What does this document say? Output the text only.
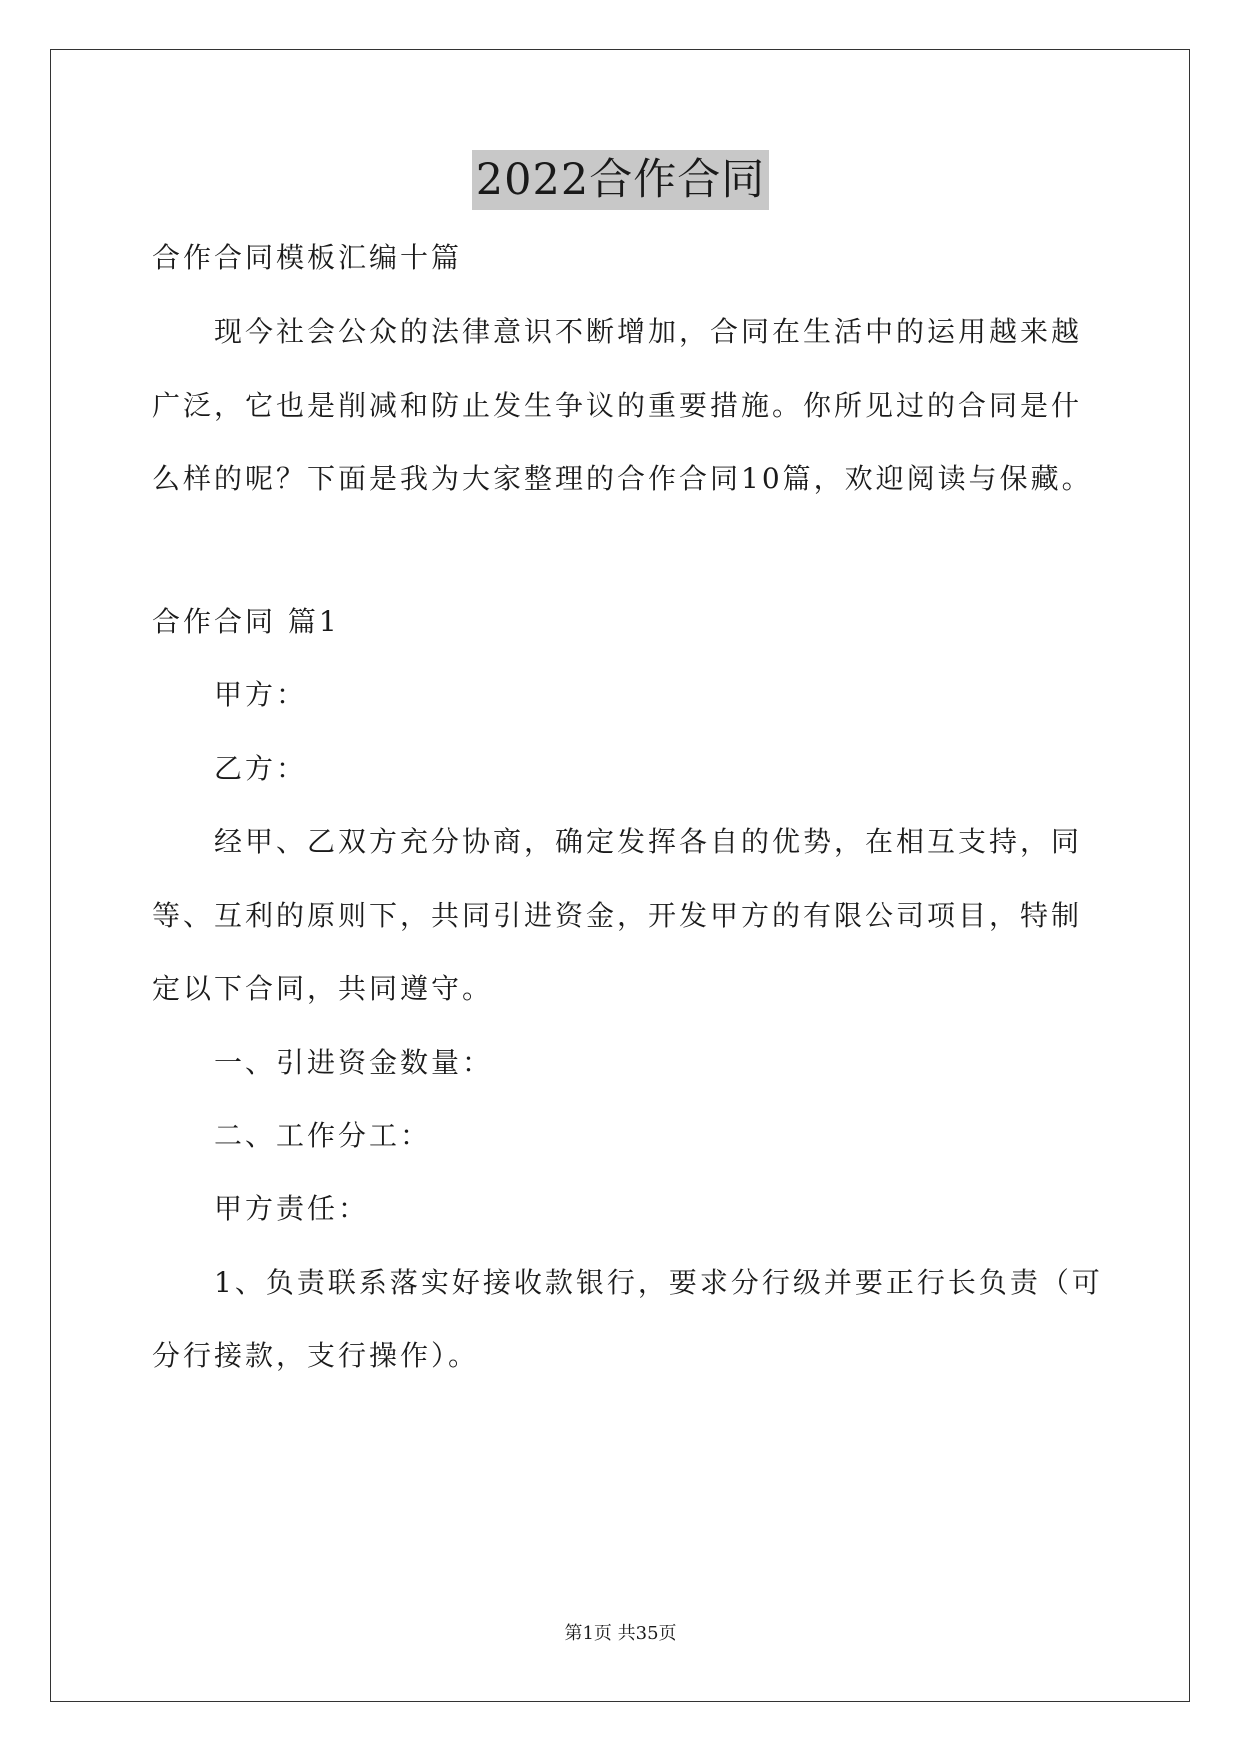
2022合作合同
合作合同模板汇编十篇
现今社会公众的法律意识不断增加，合同在生活中的运用越来越
广泛，它也是削减和防止发生争议的重要措施。你所见过的合同是什
么样的呢？下面是我为大家整理的合作合同10篇，欢迎阅读与保藏。
合作合同 篇1
甲方：
乙方：
经甲、乙双方充分协商，确定发挥各自的优势，在相互支持，同
等、互利的原则下，共同引进资金，开发甲方的有限公司项目，特制
定以下合同，共同遵守。
一、引进资金数量：
二、工作分工：
甲方责任：
1、负责联系落实好接收款银行，要求分行级并要正行长负责（可
分行接款，支行操作）。
第1页 共35页
